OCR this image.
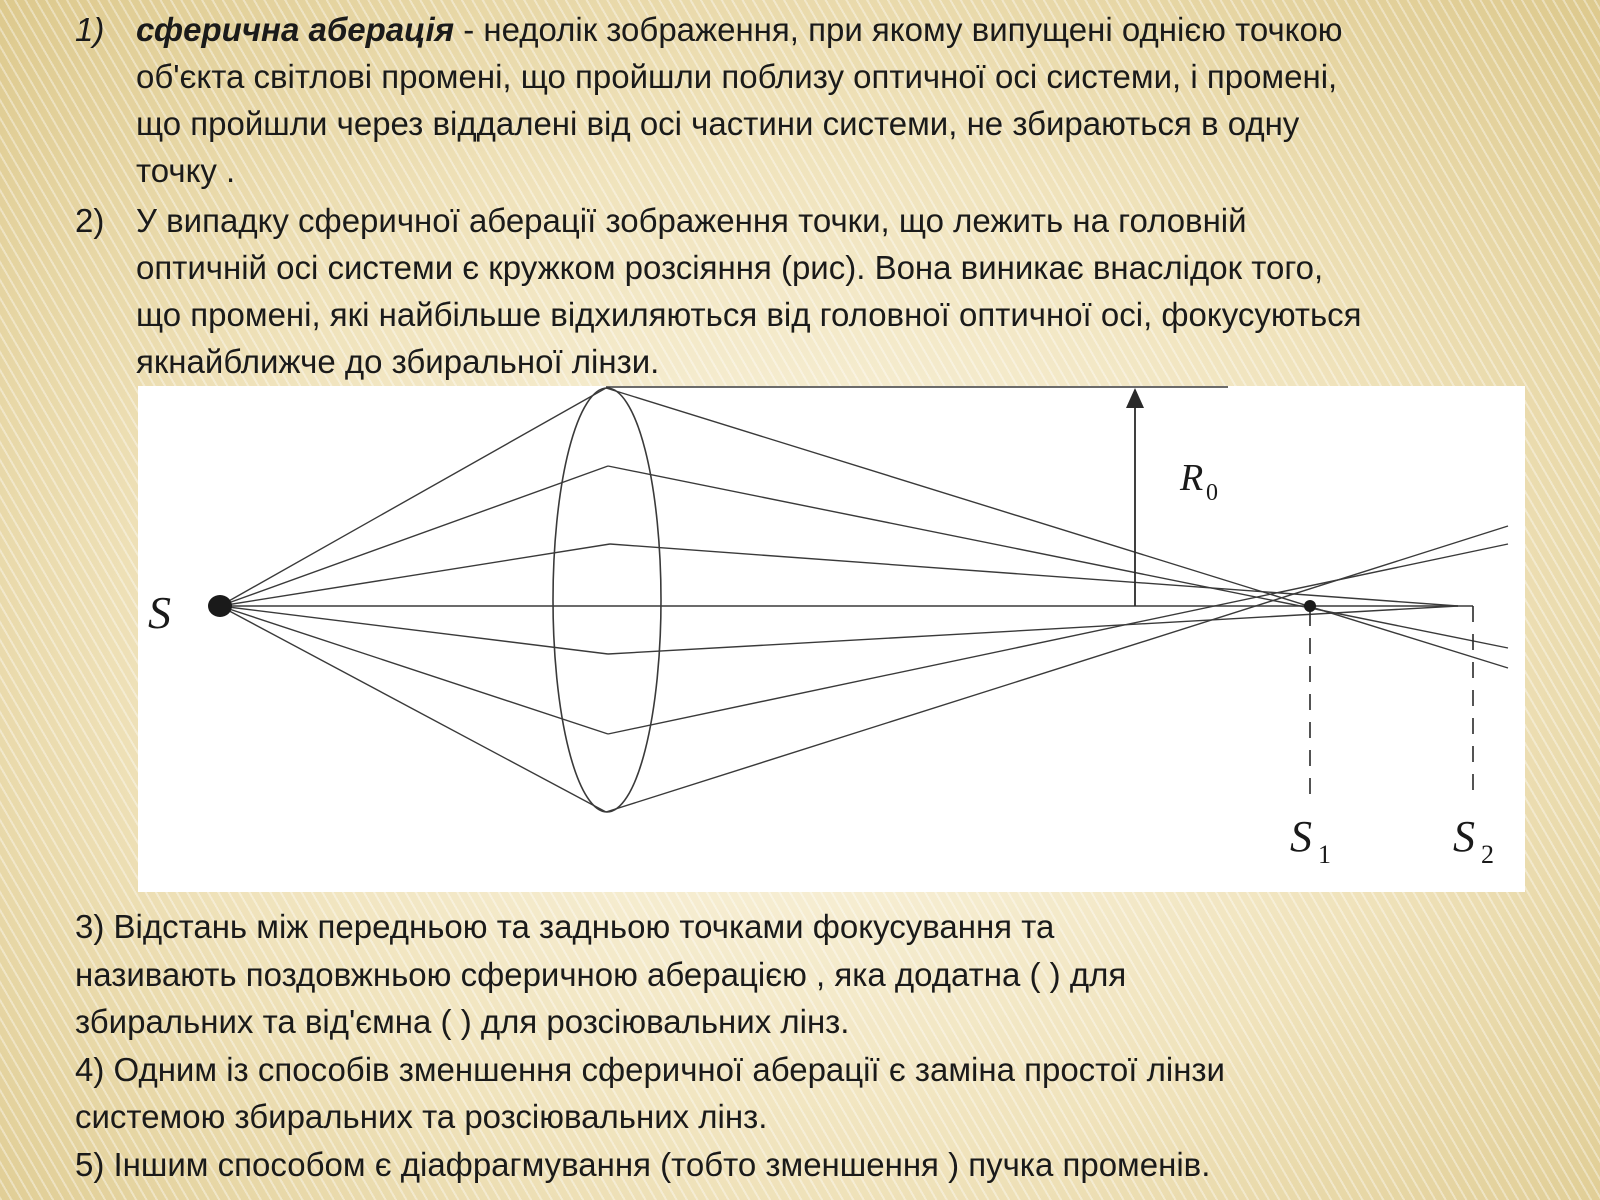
1) сферична аберація - недолік зображення, при якому випущені однією точкою
об'єкта світлові промені, що пройшли поблизу оптичної осі системи, і промені,
що пройшли через віддалені від осі частини системи, не збираються в одну
точку .
2) У випадку сферичної аберації зображення точки, що лежить на головній
оптичній осі системи є кружком розсіяння (рис). Вона виникає внаслідок того,
що промені, які найбільше відхиляються від головної оптичної осі, фокусуються
якнайближче до збиральної лінзи.
S
R 0
S 1	S 2
3) Відстань між передньою та задньою точками фокусування та
називають поздовжньою сферичною аберацією , яка додатна ( ) для
збиральних та від'ємна ( ) для розсіювальних лінз.
4) Одним із способів зменшення сферичної аберації є заміна простої лінзи
системою збиральних та розсіювальних лінз.
5) Іншим способом є діафрагмування (тобто зменшення ) пучка променів.
